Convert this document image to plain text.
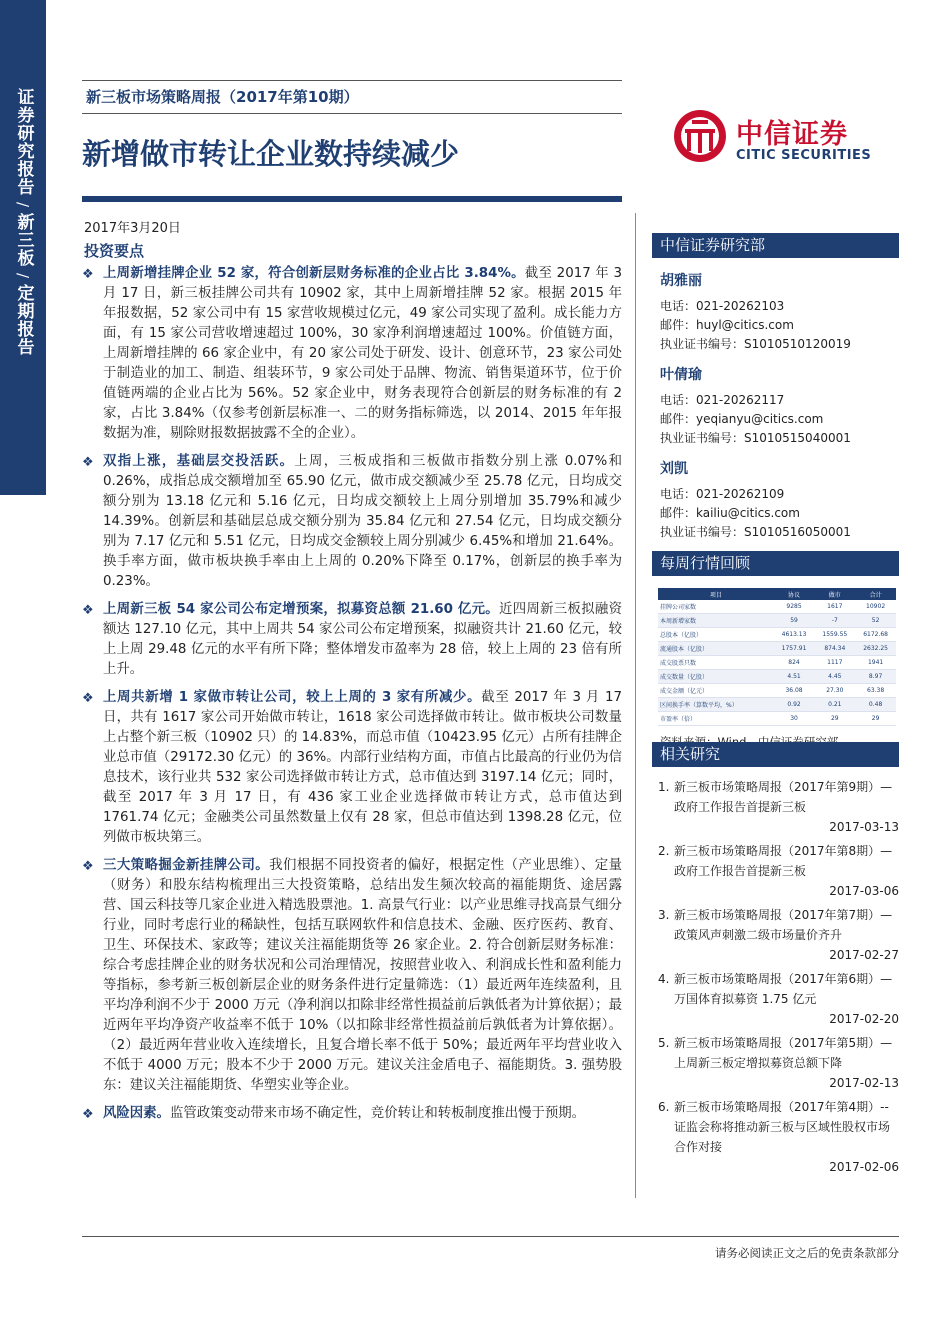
证券研究报告
/
新三板
/
定期报告
新三板市场策略周报（2017年第10期）
新增做市转让企业数持续减少
2017年3月20日
投资要点
中信证券
CITIC SECURITIES
❖ 上周新增挂牌企业 52 家，符合创新层财务标准的企业占比 3.84%。截至 2017 年 3 月 17 日，新三板挂牌公司共有 10902 家，其中上周新增挂牌 52 家。根据 2015 年年报数据，52 家公司中有 15 家营收规模过亿元，49 家公司实现了盈利。成长能力方面，有 15 家公司营收增速超过 100%，30 家净利润增速超过 100%。价值链方面，上周新增挂牌的 66 家企业中，有 20 家公司处于研发、设计、创意环节，23 家公司处于制造业的加工、制造、组装环节，9 家公司处于品牌、物流、销售渠道环节，位于价值链两端的企业占比为 56%。52 家企业中，财务表现符合创新层的财务标准的有 2 家，占比 3.84%（仅参考创新层标准一、二的财务指标筛选，以 2014、2015 年年报数据为准，剔除财报数据披露不全的企业）。
❖ 双指上涨，基础层交投活跃。上周，三板成指和三板做市指数分别上涨 0.07%和 0.26%，成指总成交额增加至 65.90 亿元，做市成交额减少至 25.78 亿元，日均成交额分别为 13.18 亿元和 5.16 亿元，日均成交额较上上周分别增加 35.79%和减少 14.39%。创新层和基础层总成交额分别为 35.84 亿元和 27.54 亿元，日均成交额分别为 7.17 亿元和 5.51 亿元，日均成交金额较上周分别减少 6.45%和增加 21.64%。换手率方面，做市板块换手率由上上周的 0.20%下降至 0.17%，创新层的换手率为 0.23%。
❖ 上周新三板 54 家公司公布定增预案，拟募资总额 21.60 亿元。近四周新三板拟融资额达 127.10 亿元，其中上周共 54 家公司公布定增预案，拟融资共计 21.60 亿元，较上上周 29.48 亿元的水平有所下降；整体增发市盈率为 28 倍，较上上周的 23 倍有所上升。
❖ 上周共新增 1 家做市转让公司，较上上周的 3 家有所减少。截至 2017 年 3 月 17 日，共有 1617 家公司开始做市转让，1618 家公司选择做市转让。做市板块公司数量上占整个新三板（10902 只）的 14.83%，而总市值（10423.95 亿元）占所有挂牌企业总市值（29172.30 亿元）的 36%。内部行业结构方面，市值占比最高的行业仍为信息技术，该行业共 532 家公司选择做市转让方式，总市值达到 3197.14 亿元；同时，截至 2017 年 3 月 17 日，有 436 家工业企业选择做市转让方式，总市值达到 1761.74 亿元；金融类公司虽然数量上仅有 28 家，但总市值达到 1398.28 亿元，位列做市板块第三。
❖ 三大策略掘金新挂牌公司。我们根据不同投资者的偏好，根据定性（产业思维）、定量（财务）和股东结构梳理出三大投资策略，总结出发生频次较高的福能期货、途居露营、国云科技等几家企业进入精选股票池。1. 高景气行业：以产业思维寻找高景气细分行业，同时考虑行业的稀缺性，包括互联网软件和信息技术、金融、医疗医药、教育、卫生、环保技术、家政等；建议关注福能期货等 26 家企业。2. 符合创新层财务标准：综合考虑挂牌企业的财务状况和公司治理情况，按照营业收入、利润成长性和盈利能力等指标，参考新三板创新层企业的财务条件进行定量筛选：（1）最近两年连续盈利，且平均净利润不少于 2000 万元（净利润以扣除非经常性损益前后孰低者为计算依据）；最近两年平均净资产收益率不低于 10%（以扣除非经常性损益前后孰低者为计算依据）。（2）最近两年营业收入连续增长，且复合增长率不低于 50%；最近两年平均营业收入不低于 4000 万元；股本不少于 2000 万元。建议关注金盾电子、福能期货。3. 强势股东：建议关注福能期货、华塑实业等企业。
❖ 风险因素。监管政策变动带来市场不确定性，竞价转让和转板制度推出慢于预期。
中信证券研究部
胡雅丽
电话：021-20262103
邮件：huyl@citics.com
执业证书编号：S1010510120019
叶倩瑜
电话：021-20262117
邮件：yeqianyu@citics.com
执业证书编号：S1010515040001
刘凯
电话：021-20262109
邮件：kailiu@citics.com
执业证书编号：S1010516050001
每周行情回顾
项目	协议	做市	合计
挂牌公司家数	9285	1617	10902
本周新增家数	59	-7	52
总股本（亿股）	4613.13	1559.55	6172.68
流通股本（亿股）	1757.91	874.34	2632.25
成交股票只数	824	1117	1941
成交数量（亿股）	4.51	4.45	8.97
成交金额（亿元）	36.08	27.30	63.38
区间换手率（算数平均，%）	0.92	0.21	0.48
市盈率（倍）	30	29	29
相关研究
1. 新三板市场策略周报（2017年第9期）—政府工作报告首提新三板
2017-03-13
2. 新三板市场策略周报（2017年第8期）—政府工作报告首提新三板
2017-03-06
3. 新三板市场策略周报（2017年第7期）—政策风声刺激二级市场量价齐升
2017-02-27
4. 新三板市场策略周报（2017年第6期）—万国体育拟募资 1.75 亿元
2017-02-20
5. 新三板市场策略周报（2017年第5期）—上周新三板定增拟募资总额下降
2017-02-13
6. 新三板市场策略周报（2017年第4期）--证监会称将推动新三板与区域性股权市场合作对接
2017-02-06
请务必阅读正文之后的免责条款部分
